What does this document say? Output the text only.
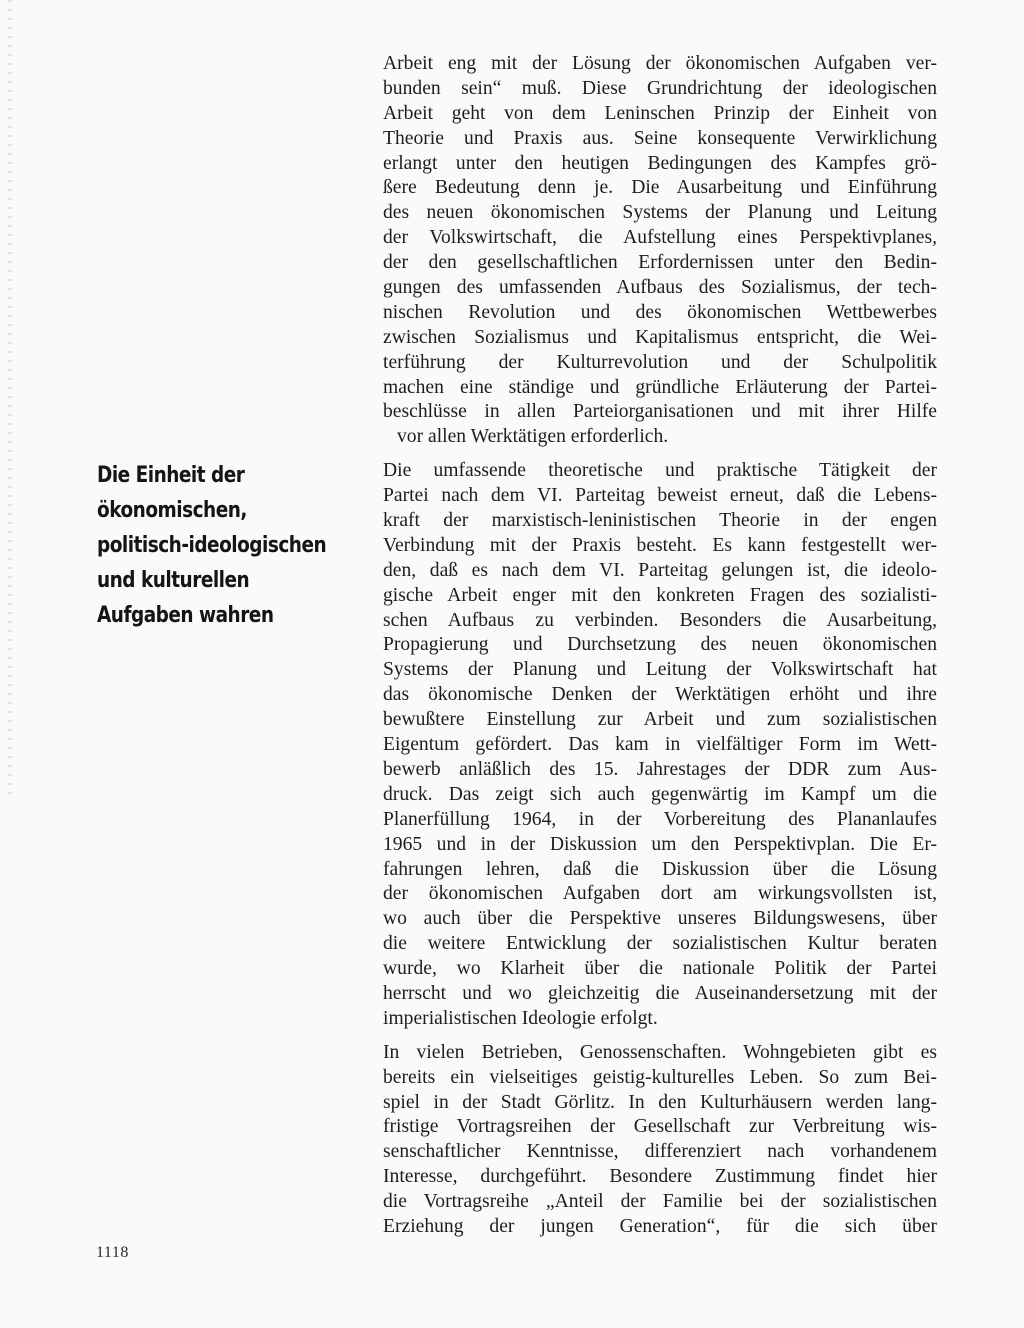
Die Einheit der
ökonomischen,
politisch-ideologischen
und kulturellen
Aufgaben wahren
Arbeit eng mit der Lösung der ökonomischen Aufgaben ver-
bunden sein“ muß. Diese Grundrichtung der ideologischen
Arbeit geht von dem Leninschen Prinzip der Einheit von
Theorie und Praxis aus. Seine konsequente Verwirklichung
erlangt unter den heutigen Bedingungen des Kampfes grö-
ßere Bedeutung denn je. Die Ausarbeitung und Einführung
des neuen ökonomischen Systems der Planung und Leitung
der Volkswirtschaft, die Aufstellung eines Perspektivplanes,
der den gesellschaftlichen Erfordernissen unter den Bedin-
gungen des umfassenden Aufbaus des Sozialismus, der tech-
nischen Revolution und des ökonomischen Wettbewerbes
zwischen Sozialismus und Kapitalismus entspricht, die Wei-
terführung der Kulturrevolution und der Schulpolitik
machen eine ständige und gründliche Erläuterung der Partei-
beschlüsse in allen Parteiorganisationen und mit ihrer Hilfe
vor allen Werktätigen erforderlich.
Die umfassende theoretische und praktische Tätigkeit der
Partei nach dem VI. Parteitag beweist erneut, daß die Lebens-
kraft der marxistisch-leninistischen Theorie in der engen
Verbindung mit der Praxis besteht. Es kann festgestellt wer-
den, daß es nach dem VI. Parteitag gelungen ist, die ideolo-
gische Arbeit enger mit den konkreten Fragen des sozialisti-
schen Aufbaus zu verbinden. Besonders die Ausarbeitung,
Propagierung und Durchsetzung des neuen ökonomischen
Systems der Planung und Leitung der Volkswirtschaft hat
das ökonomische Denken der Werktätigen erhöht und ihre
bewußtere Einstellung zur Arbeit und zum sozialistischen
Eigentum gefördert. Das kam in vielfältiger Form im Wett-
bewerb anläßlich des 15. Jahrestages der DDR zum Aus-
druck. Das zeigt sich auch gegenwärtig im Kampf um die
Planerfüllung 1964, in der Vorbereitung des Plananlaufes
1965 und in der Diskussion um den Perspektivplan. Die Er-
fahrungen lehren, daß die Diskussion über die Lösung
der ökonomischen Aufgaben dort am wirkungsvollsten ist,
wo auch über die Perspektive unseres Bildungswesens, über
die weitere Entwicklung der sozialistischen Kultur beraten
wurde, wo Klarheit über die nationale Politik der Partei
herrscht und wo gleichzeitig die Auseinandersetzung mit der
imperialistischen Ideologie erfolgt.
In vielen Betrieben, Genossenschaften. Wohngebieten gibt es
bereits ein vielseitiges geistig-kulturelles Leben. So zum Bei-
spiel in der Stadt Görlitz. In den Kulturhäusern werden lang-
fristige Vortragsreihen der Gesellschaft zur Verbreitung wis-
senschaftlicher Kenntnisse, differenziert nach vorhandenem
Interesse, durchgeführt. Besondere Zustimmung findet hier
die Vortragsreihe „Anteil der Familie bei der sozialistischen
Erziehung der jungen Generation“, für die sich über
1118
